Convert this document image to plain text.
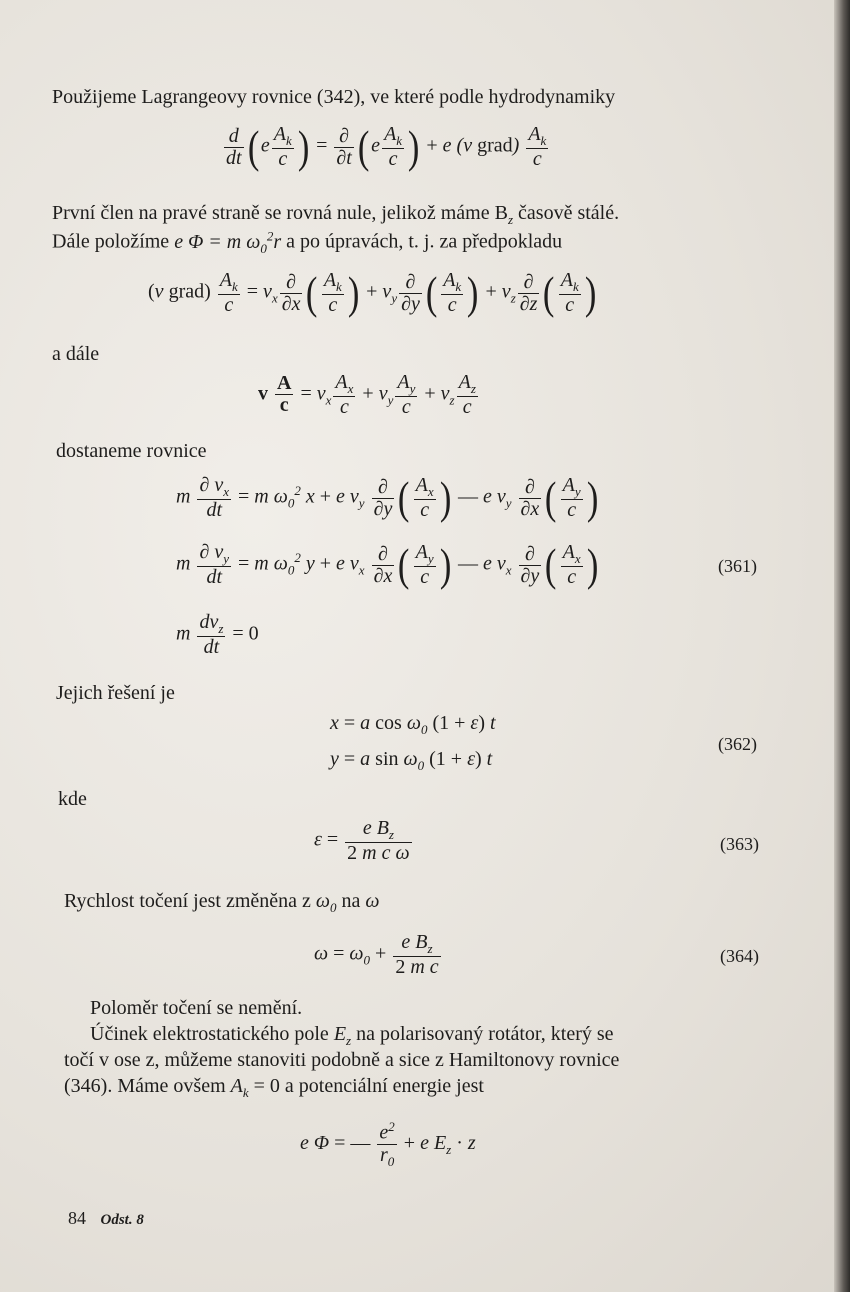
Použijeme Lagrangeovy rovnice (342), ve které podle hydrodynamiky
$\frac{d}{dt} (e \frac{A_k}{c}$ ) = $\frac{\partial}{\partial t} (e \frac{A_k}{c}$ ) + e (v grad) $\frac{A_k}{c}$
První člen na pravé straně se rovná nule, jelikož máme $B_z$ časově stálé.
Dále položíme e Φ = m $\omega_0^2r$ a po úpravách, t. j. za předpokladu
(v grad) $\frac{A_k}{c} = v_x \frac{\partial}{\partial x}$ ( $\frac{A_k}{c}$ ) + $v_y \frac{\partial}{\partial y}$ ( $\frac{A_k}{c}$ ) + $v_z \frac{\partial}{\partial z}$ ( $\frac{A_k}{c}$ )
a dále
v $\frac{A}{c} = v_x \frac{A_x}{c} + v_y \frac{A_y}{c} + v_z \frac{A_z}{c}$
dostaneme rovnice
m $\frac{\partial v_x}{dt} = m$ $\omega_0^2$ x + e $v_y \frac{\partial}{\partial y}$ ( $\frac{A_x}{c}$ ) — e $v_y \frac{\partial}{\partial x}$ ( $\frac{A_y}{c}$ )
m $\frac{\partial v_y}{dt} = m$ $\omega_0^2$ y + e $v_x \frac{\partial}{\partial x}$ ( $\frac{A_y}{c}$ ) — e $v_x \frac{\partial}{\partial y}$ ( $\frac{A_x}{c}$ )	(361)
m $\frac{dv_z}{dt} = 0$
Jejich řešení je
x = a $\cos \omega_0$ (1 + ε) t
y = a $\sin \omega_0$ (1 + ε) t
(362)
kde
$\varepsilon = \frac{e B_z}{\text{2 m c ω}}$	(363)
Rychlost točení jest změněna z $\omega_0$ na ω
$\omega = \omega_0 + \frac{e B_z}{\text{2 m c}}$	(364)
Poloměr točení se nemění.
Účinek elektrostatického pole $E_z$ na polarisovaný rotátor, který se
točí v ose z, můžeme stanoviti podobně a sice z Hamiltonovy rovnice
(346). Máme ovšem $A_k = 0$ a potenciální energie jest
e Φ = — $\frac{e^2}{r_0} + e$ $E_z \cdot z$
84 Odst. 8
